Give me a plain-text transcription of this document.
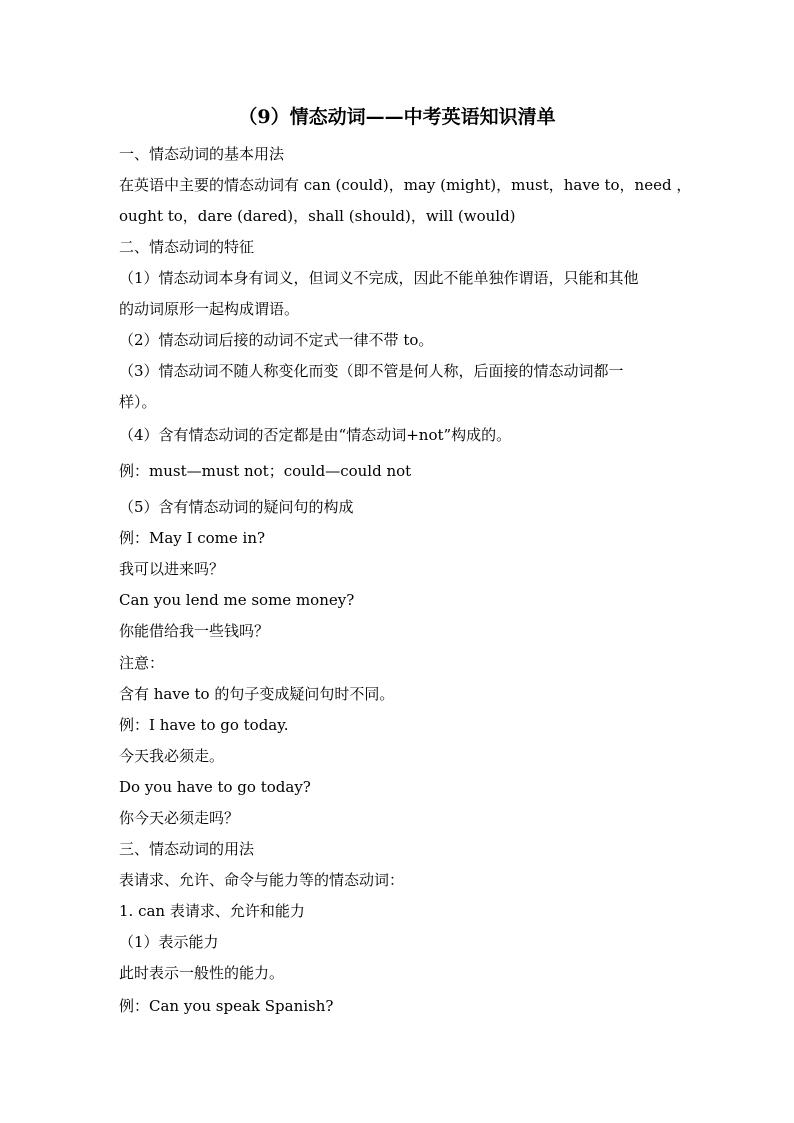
（9）情态动词——中考英语知识清单
一、情态动词的基本用法
在英语中主要的情态动词有 can (could)，may (might)，must，have to，need ，
ought to，dare (dared)，shall (should)，will (would)
二、情态动词的特征
（1）情态动词本身有词义，但词义不完成，因此不能单独作谓语，只能和其他
的动词原形一起构成谓语。
（2）情态动词后接的动词不定式一律不带 to。
（3）情态动词不随人称变化而变（即不管是何人称，后面接的情态动词都一
样）。
（4）含有情态动词的否定都是由“情态动词+not”构成的。
例：must—must not；could—could not
（5）含有情态动词的疑问句的构成
例：May I come in?
我可以进来吗？
Can you lend me some money?
你能借给我一些钱吗？
注意：
含有 have to 的句子变成疑问句时不同。
例：I have to go today.
今天我必须走。
Do you have to go today?
你今天必须走吗？
三、情态动词的用法
表请求、允许、命令与能力等的情态动词：
1. can 表请求、允许和能力
（1）表示能力
此时表示一般性的能力。
例：Can you speak Spanish?
